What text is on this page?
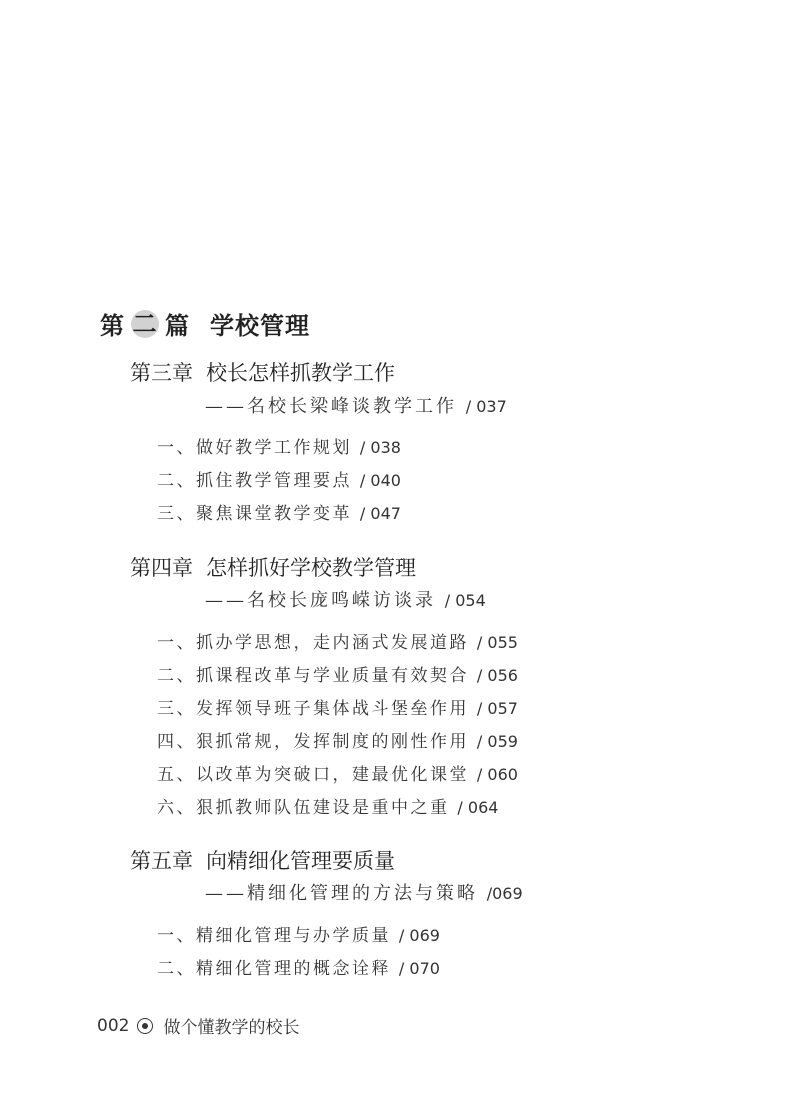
第 二 篇 学校管理
第三章 校长怎样抓教学工作
——名校长梁峰谈教学工作 / 037
一、做好教学工作规划 / 038
二、抓住教学管理要点 / 040
三、聚焦课堂教学变革 / 047
第四章 怎样抓好学校教学管理
——名校长庞鸣嵘访谈录 / 054
一、抓办学思想，走内涵式发展道路 / 055
二、抓课程改革与学业质量有效契合 / 056
三、发挥领导班子集体战斗堡垒作用 / 057
四、狠抓常规，发挥制度的刚性作用 / 059
五、以改革为突破口，建最优化课堂 / 060
六、狠抓教师队伍建设是重中之重 / 064
第五章 向精细化管理要质量
——精细化管理的方法与策略 /069
一、精细化管理与办学质量 / 069
二、精细化管理的概念诠释 / 070
002 做个懂教学的校长
